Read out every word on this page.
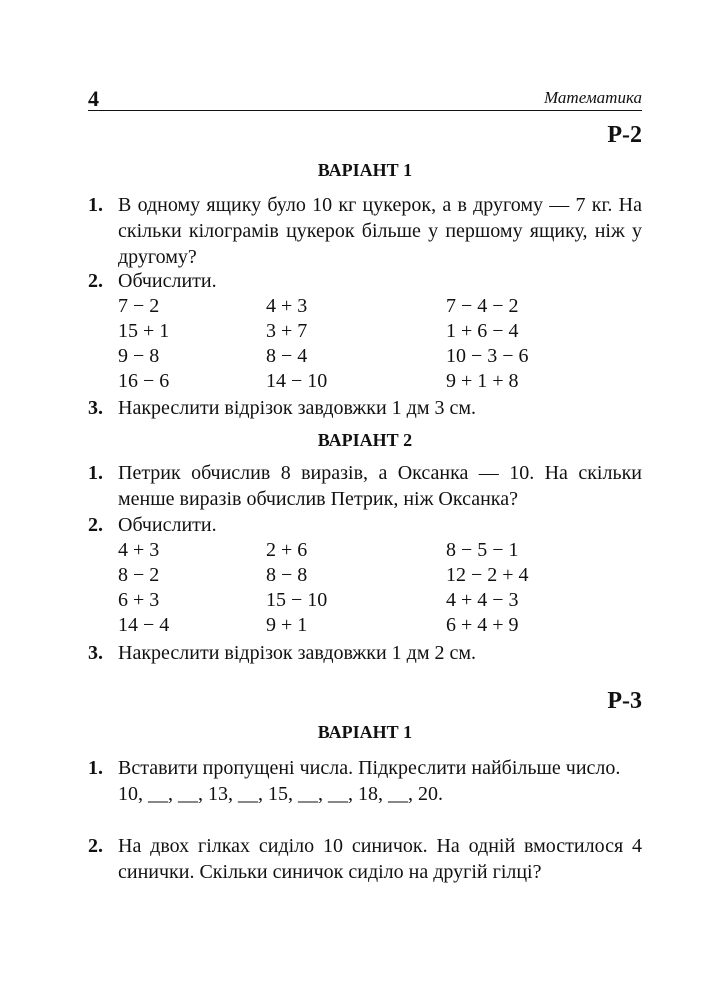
4	Математика
Р-2
ВАРІАНТ 1
1. В одному ящику було 10 кг цукерок, а в другому — 7 кг. На скільки кілограмів цукерок більше у першому ящику, ніж у другому?
2. Обчислити.
7 − 2	4 + 3	7 − 4 − 2
15 + 1	3 + 7	1 + 6 − 4
9 − 8	8 − 4	10 − 3 − 6
16 − 6	14 − 10	9 + 1 + 8
3. Накреслити відрізок завдовжки 1 дм 3 см.
ВАРІАНТ 2
1. Петрик обчислив 8 виразів, а Оксанка — 10. На скільки менше виразів обчислив Петрик, ніж Оксанка?
2. Обчислити.
4 + 3	2 + 6	8 − 5 − 1
8 − 2	8 − 8	12 − 2 + 4
6 + 3	15 − 10	4 + 4 − 3
14 − 4	9 + 1	6 + 4 + 9
3. Накреслити відрізок завдовжки 1 дм 2 см.
Р-3
ВАРІАНТ 1
1. Вставити пропущені числа. Підкреслити найбільше число.
10, __, __, 13, __, 15, __, __, 18, __, 20.
2. На двох гілках сиділо 10 синичок. На одній вмостилося 4 синички. Скільки синичок сиділо на другій гілці?
